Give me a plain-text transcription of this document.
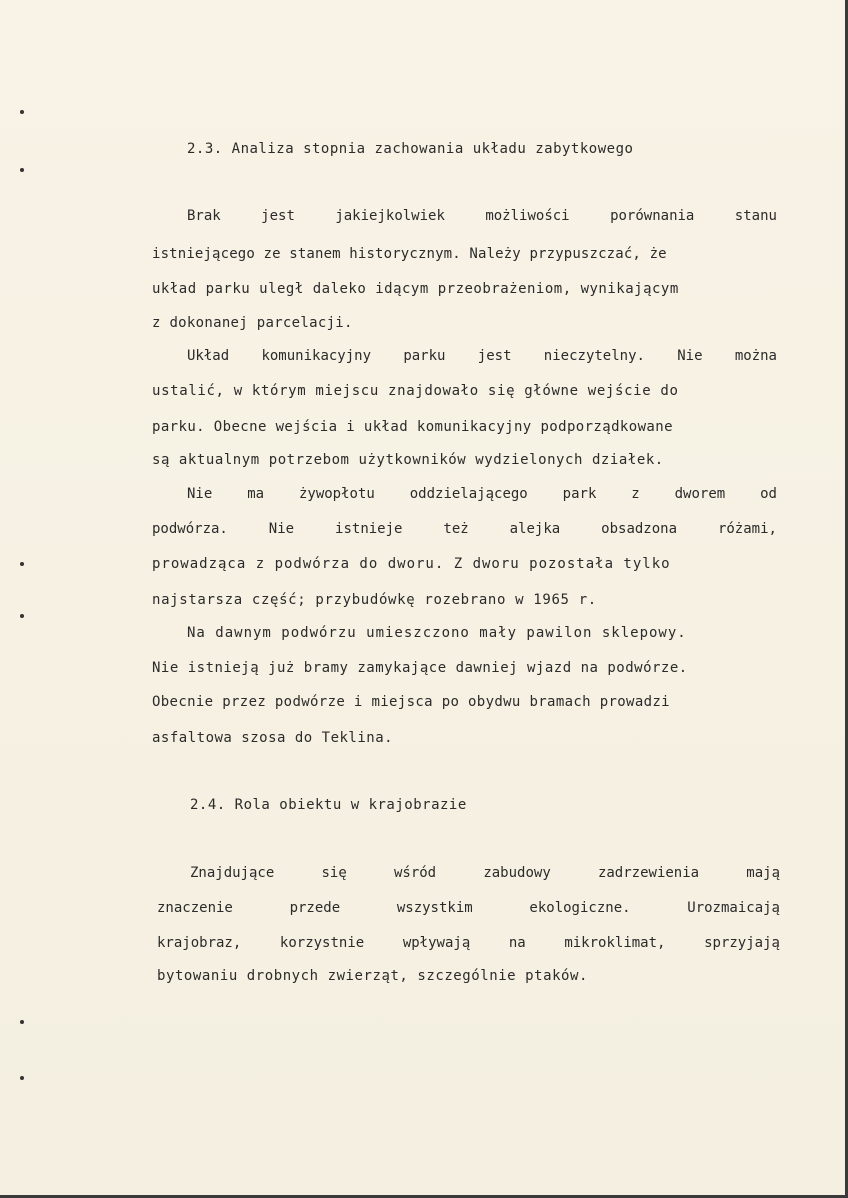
2.3. Analiza stopnia zachowania układu zabytkowego
Brak	jest	jakiejkolwiek	możliwości	porównania	stanu
istniejącego ze stanem historycznym. Należy przypuszczać, że
układ parku uległ daleko idącym przeobrażeniom, wynikającym
z dokonanej parcelacji.
Układ komunikacyjny parku jest nieczytelny. Nie można
ustalić, w którym miejscu znajdowało się główne wejście do
parku. Obecne wejścia i układ komunikacyjny podporządkowane
są aktualnym potrzebom użytkowników wydzielonych działek.
Nie ma żywopłotu oddzielającego park z dworem od
podwórza.	Nie	istnieje	też	alejka	obsadzona	różami,
prowadząca z podwórza do dworu. Z dworu pozostała tylko
najstarsza część; przybudówkę rozebrano w 1965 r.
Na dawnym podwórzu umieszczono mały pawilon sklepowy.
Nie istnieją już bramy zamykające dawniej wjazd na podwórze.
Obecnie przez podwórze i miejsca po obydwu bramach prowadzi
asfaltowa szosa do Teklina.
2.4. Rola obiektu w krajobrazie
Znajdujące	się	wśród	zabudowy	zadrzewienia	mają
znaczenie	przede	wszystkim	ekologiczne.	Urozmaicają
krajobraz,	korzystnie	wpływają	na	mikroklimat,	sprzyjają
bytowaniu drobnych zwierząt, szczególnie ptaków.
